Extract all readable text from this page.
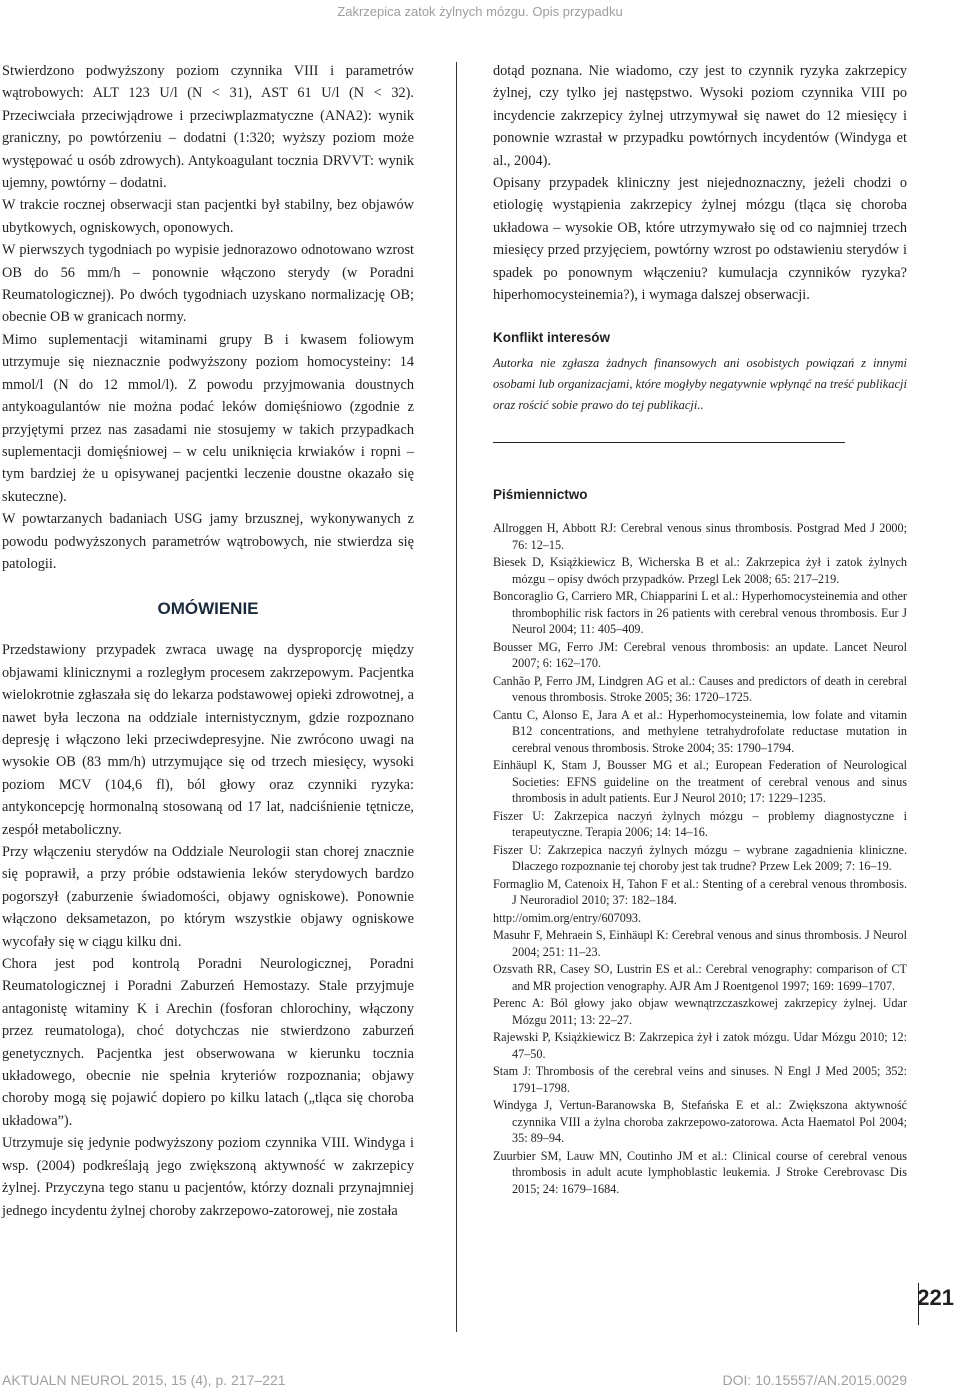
Zakrzepica zatok żylnych mózgu. Opis przypadku

Stwierdzono podwyższony poziom czynnika VIII i parametrów wątrobowych: ALT 123 U/l (N < 31), AST 61 U/l (N < 32). Przeciwciała przeciwjądrowe i przeciwplazmatyczne (ANA2): wynik graniczny, po powtórzeniu – dodatni (1:320; wyższy poziom może występować u osób zdrowych). Antykoagulant tocznia DRVVT: wynik ujemny, powtórny – dodatni.

W trakcie rocznej obserwacji stan pacjentki był stabilny, bez objawów ubytkowych, ogniskowych, oponowych.

W pierwszych tygodniach po wypisie jednorazowo odnotowano wzrost OB do 56 mm/h – ponownie włączono sterydy (w Poradni Reumatologicznej). Po dwóch tygodniach uzyskano normalizację OB; obecnie OB w granicach normy.

Mimo suplementacji witaminami grupy B i kwasem foliowym utrzymuje się nieznacznie podwyższony poziom homocysteiny: 14 mmol/l (N do 12 mmol/l). Z powodu przyjmowania doustnych antykoagulantów nie można podać leków domięśniowo (zgodnie z przyjętymi przez nas zasadami nie stosujemy w takich przypadkach suplementacji domięśniowej – w celu uniknięcia krwiaków i ropni – tym bardziej że u opisywanej pacjentki leczenie doustne okazało się skuteczne).

W powtarzanych badaniach USG jamy brzusznej, wykonywanych z powodu podwyższonych parametrów wątrobowych, nie stwierdza się patologii.

OMÓWIENIE

Przedstawiony przypadek zwraca uwagę na dysproporcję między objawami klinicznymi a rozległym procesem zakrzepowym. Pacjentka wielokrotnie zgłaszała się do lekarza podstawowej opieki zdrowotnej, a nawet była leczona na oddziale internistycznym, gdzie rozpoznano depresję i włączono leki przeciwdepresyjne. Nie zwrócono uwagi na wysokie OB (83 mm/h) utrzymujące się od trzech miesięcy, wysoki poziom MCV (104,6 fl), ból głowy oraz czynniki ryzyka: antykoncepcję hormonalną stosowaną od 17 lat, nadciśnienie tętnicze, zespół metaboliczny.

Przy włączeniu sterydów na Oddziale Neurologii stan chorej znacznie się poprawił, a przy próbie odstawienia leków sterydowych bardzo pogorszył (zaburzenie świadomości, objawy ogniskowe). Ponownie włączono deksametazon, po którym wszystkie objawy ogniskowe wycofały się w ciągu kilku dni.

Chora jest pod kontrolą Poradni Neurologicznej, Poradni Reumatologicznej i Poradni Zaburzeń Hemostazy. Stale przyjmuje antagonistę witaminy K i Arechin (fosforan chlorochiny, włączony przez reumatologa), choć dotychczas nie stwierdzono zaburzeń genetycznych. Pacjentka jest obserwowana w kierunku tocznia układowego, obecnie nie spełnia kryteriów rozpoznania; objawy choroby mogą się pojawić dopiero po kilku latach („tląca się choroba układowa”).

Utrzymuje się jedynie podwyższony poziom czynnika VIII. Windyga i wsp. (2004) podkreślają jego zwiększoną aktywność w zakrzepicy żylnej. Przyczyna tego stanu u pacjentów, którzy doznali przynajmniej jednego incydentu żylnej choroby zakrzepowo-zatorowej, nie została

dotąd poznana. Nie wiadomo, czy jest to czynnik ryzyka zakrzepicy żylnej, czy tylko jej następstwo. Wysoki poziom czynnika VIII po incydencie zakrzepicy żylnej utrzymywał się nawet do 12 miesięcy i ponownie wzrastał w przypadku powtórnych incydentów (Windyga et al., 2004).

Opisany przypadek kliniczny jest niejednoznaczny, jeżeli chodzi o etiologię wystąpienia zakrzepicy żylnej mózgu (tląca się choroba układowa – wysokie OB, które utrzymywało się od co najmniej trzech miesięcy przed przyjęciem, powtórny wzrost po odstawieniu sterydów i spadek po ponownym włączeniu? kumulacja czynników ryzyka? hiperhomocysteinemia?), i wymaga dalszej obserwacji.

Konflikt interesów

Autorka nie zgłasza żadnych finansowych ani osobistych powiązań z innymi osobami lub organizacjami, które mogłyby negatywnie wpłynąć na treść publikacji oraz rościć sobie prawo do tej publikacji..

Piśmiennictwo
Allroggen H, Abbott RJ: Cerebral venous sinus thrombosis. Postgrad Med J 2000; 76: 12–15.
Biesek D, Książkiewicz B, Wicherska B et al.: Zakrzepica żył i zatok żylnych mózgu – opisy dwóch przypadków. Przegl Lek 2008; 65: 217–219.
Boncoraglio G, Carriero MR, Chiapparini L et al.: Hyperhomocysteinemia and other thrombophilic risk factors in 26 patients with cerebral venous thrombosis. Eur J Neurol 2004; 11: 405–409.
Bousser MG, Ferro JM: Cerebral venous thrombosis: an update. Lancet Neurol 2007; 6: 162–170.
Canhão P, Ferro JM, Lindgren AG et al.: Causes and predictors of death in cerebral venous thrombosis. Stroke 2005; 36: 1720–1725.
Cantu C, Alonso E, Jara A et al.: Hyperhomocysteinemia, low folate and vitamin B12 concentrations, and methylene tetrahydrofolate reductase mutation in cerebral venous thrombosis. Stroke 2004; 35: 1790–1794.
Einhäupl K, Stam J, Bousser MG et al.; European Federation of Neurological Societies: EFNS guideline on the treatment of cerebral venous and sinus thrombosis in adult patients. Eur J Neurol 2010; 17: 1229–1235.
Fiszer U: Zakrzepica naczyń żylnych mózgu – problemy diagnostyczne i terapeutyczne. Terapia 2006; 14: 14–16.
Fiszer U: Zakrzepica naczyń żylnych mózgu – wybrane zagadnienia kliniczne. Dlaczego rozpoznanie tej choroby jest tak trudne? Przew Lek 2009; 7: 16–19.
Formaglio M, Catenoix H, Tahon F et al.: Stenting of a cerebral venous thrombosis. J Neuroradiol 2010; 37: 182–184.
http://omim.org/entry/607093.
Masuhr F, Mehraein S, Einhäupl K: Cerebral venous and sinus thrombosis. J Neurol 2004; 251: 11–23.
Ozsvath RR, Casey SO, Lustrin ES et al.: Cerebral venography: comparison of CT and MR projection venography. AJR Am J Roentgenol 1997; 169: 1699–1707.
Perenc A: Ból głowy jako objaw wewnątrzczaszkowej zakrzepicy żylnej. Udar Mózgu 2011; 13: 22–27.
Rajewski P, Książkiewicz B: Zakrzepica żył i zatok mózgu. Udar Mózgu 2010; 12: 47–50.
Stam J: Thrombosis of the cerebral veins and sinuses. N Engl J Med 2005; 352: 1791–1798.
Windyga J, Vertun-Baranowska B, Stefańska E et al.: Zwiększona aktywność czynnika VIII a żylna choroba zakrzepowo-zatorowa. Acta Haematol Pol 2004; 35: 89–94.
Zuurbier SM, Lauw MN, Coutinho JM et al.: Clinical course of cerebral venous thrombosis in adult acute lymphoblastic leukemia. J Stroke Cerebrovasc Dis 2015; 24: 1679–1684.
221
AKTUALN NEUROL 2015, 15 (4), p. 217–221	DOI: 10.15557/AN.2015.0029
